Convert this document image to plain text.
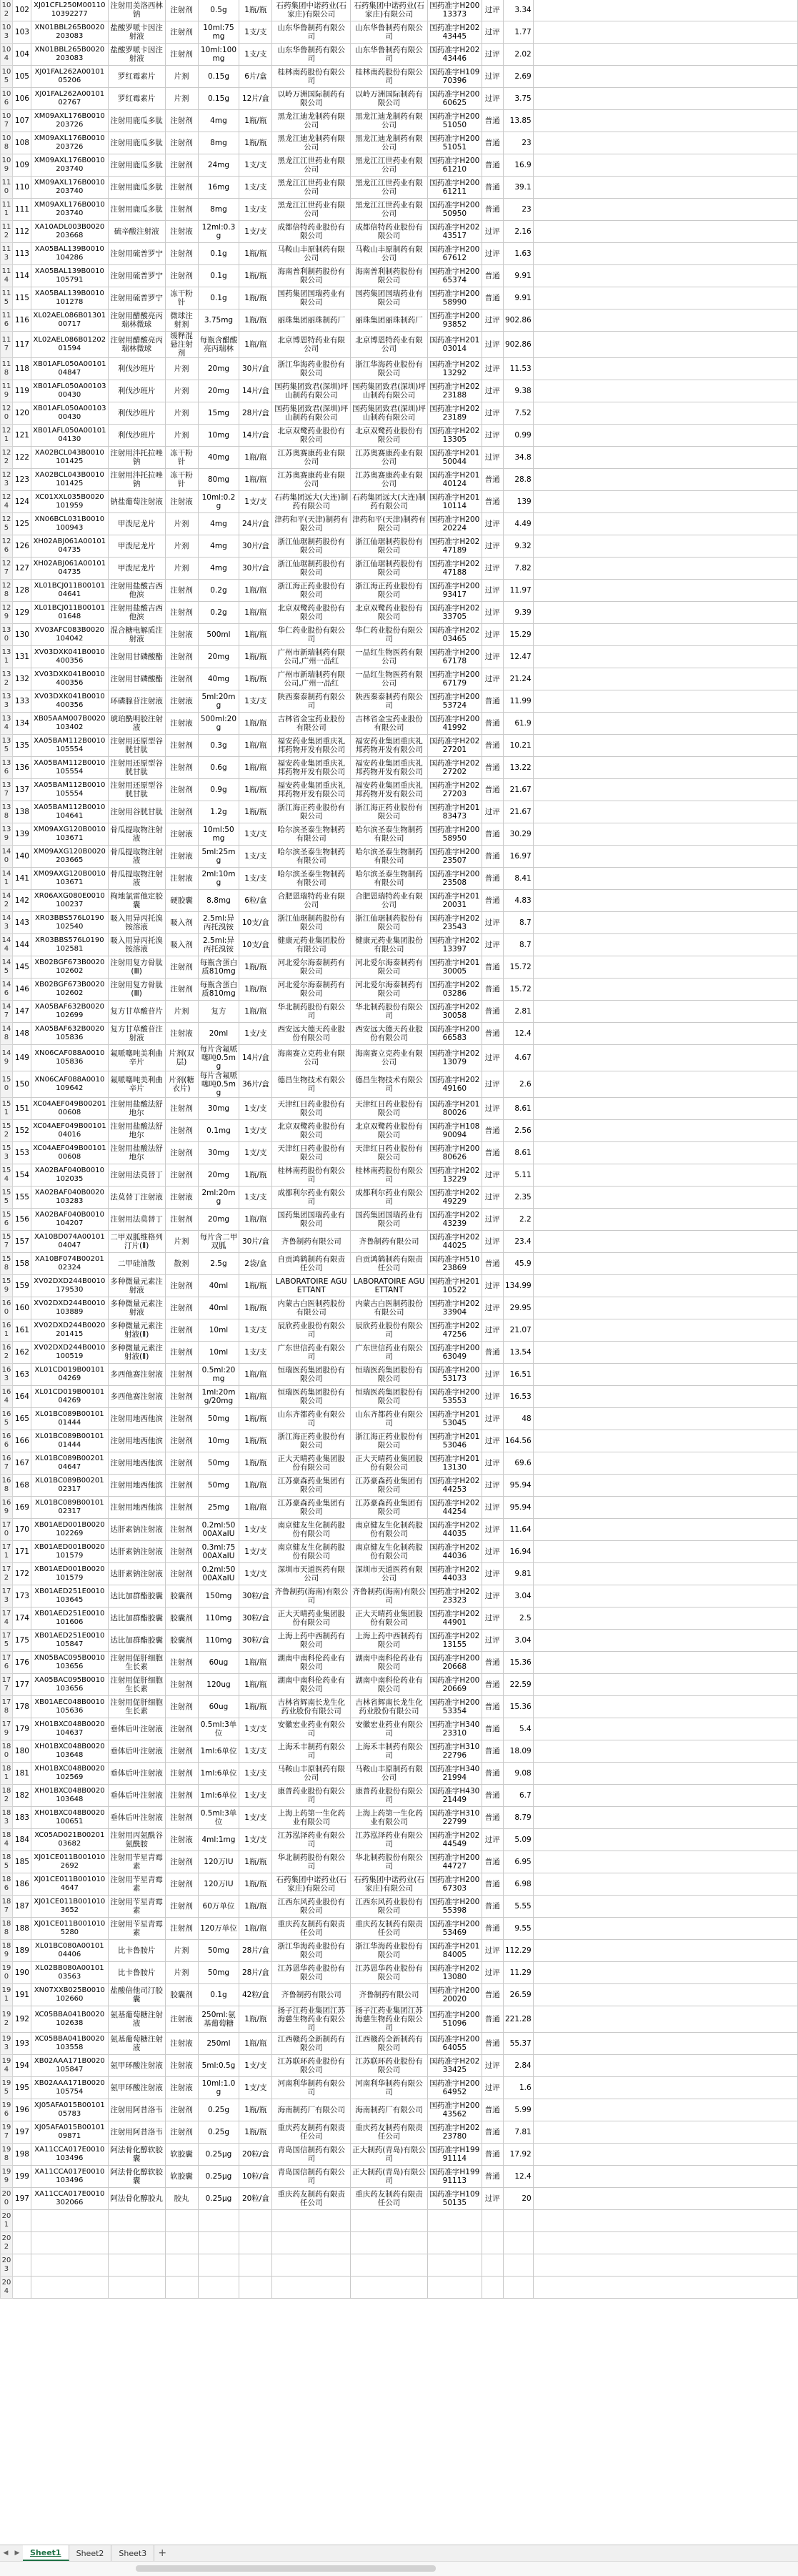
102	102	XJ01CFL250M0011010392277	注射用美洛西林钠	注射剂	0.5g	1瓶/瓶	石药集团中诺药业(石家庄)有限公司	石药集团中诺药业(石家庄)有限公司	国药准字H20013373	过评	3.34	
103	103	XN01BBL265B0020203083	盐酸罗哌卡因注射液	注射剂	10ml:75mg	1支/支	山东华鲁制药有限公司	山东华鲁制药有限公司	国药准字H20243445	过评	1.77	
104	104	XN01BBL265B0020203083	盐酸罗哌卡因注射液	注射剂	10ml:100mg	1支/支	山东华鲁制药有限公司	山东华鲁制药有限公司	国药准字H20243446	过评	2.02	
105	105	XJ01FAL262A0010105206	罗红霉素片	片剂	0.15g	6片/盒	桂林南药股份有限公司	桂林南药股份有限公司	国药准字H10970396	过评	2.69	
106	106	XJ01FAL262A0010102767	罗红霉素片	片剂	0.15g	12片/盒	以岭万洲国际制药有限公司	以岭万洲国际制药有限公司	国药准字H20060625	过评	3.75	
107	107	XM09AXL176B0010203726	注射用鹿瓜多肽	注射剂	4mg	1瓶/瓶	黑龙江迪龙制药有限公司	黑龙江迪龙制药有限公司	国药准字H20051050	普通	13.85	
108	108	XM09AXL176B0010203726	注射用鹿瓜多肽	注射剂	8mg	1瓶/瓶	黑龙江迪龙制药有限公司	黑龙江迪龙制药有限公司	国药准字H20051051	普通	23	
109	109	XM09AXL176B0010203740	注射用鹿瓜多肽	注射剂	24mg	1支/支	黑龙江江世药业有限公司	黑龙江江世药业有限公司	国药准字H20061210	普通	16.9	
110	110	XM09AXL176B0010203740	注射用鹿瓜多肽	注射剂	16mg	1支/支	黑龙江江世药业有限公司	黑龙江江世药业有限公司	国药准字H20061211	普通	39.1	
111	111	XM09AXL176B0010203740	注射用鹿瓜多肽	注射剂	8mg	1支/支	黑龙江江世药业有限公司	黑龙江江世药业有限公司	国药准字H20050950	普通	23	
112	112	XA10ADL003B0020203668	硫辛酸注射液	注射液	12ml:0.3g	1支/支	成都倍特药业股份有限公司	成都倍特药业股份有限公司	国药准字H20243517	过评	2.16	
113	113	XA05BAL139B0010104286	注射用硫普罗宁	注射剂	0.1g	1瓶/瓶	马鞍山丰原制药有限公司	马鞍山丰原制药有限公司	国药准字H20067612	过评	1.63	
114	114	XA05BAL139B0010105791	注射用硫普罗宁	注射剂	0.1g	1瓶/瓶	海南普利制药股份有限公司	海南普利制药股份有限公司	国药准字H20065374	普通	9.91	
115	115	XA05BAL139B0010101278	注射用硫普罗宁	冻干粉针	0.1g	1瓶/瓶	国药集团国瑞药业有限公司	国药集团国瑞药业有限公司	国药准字H20058990	普通	9.91	
116	116	XL02AEL086B0130100717	注射用醋酸亮丙瑞林微球	微球注射剂	3.75mg	1瓶/瓶	丽珠集团丽珠制药厂	丽珠集团丽珠制药厂	国药准字H20093852	过评	902.86	
117	117	XL02AEL086B0120201594	注射用醋酸亮丙瑞林微球	缓释混悬注射剂	每瓶含醋酸亮丙瑞林	1瓶/瓶	北京博恩特药业有限公司	北京博恩特药业有限公司	国药准字H20103014	过评	902.86	
118	118	XB01AFL050A0010104847	利伐沙班片	片剂	20mg	30片/盒	浙江华海药业股份有限公司	浙江华海药业股份有限公司	国药准字H20213292	过评	11.53	
119	119	XB01AFL050A0010300430	利伐沙班片	片剂	20mg	14片/盒	国药集团致君(深圳)坪山制药有限公司	国药集团致君(深圳)坪山制药有限公司	国药准字H20223188	过评	9.38	
120	120	XB01AFL050A0010300430	利伐沙班片	片剂	15mg	28片/盒	国药集团致君(深圳)坪山制药有限公司	国药集团致君(深圳)坪山制药有限公司	国药准字H20223189	过评	7.52	
121	121	XB01AFL050A0010104130	利伐沙班片	片剂	10mg	14片/盒	北京双鹭药业股份有限公司	北京双鹭药业股份有限公司	国药准字H20213305	过评	0.99	
122	122	XA02BCL043B0010101425	注射用泮托拉唑钠	冻干粉针	40mg	1瓶/瓶	江苏奥赛康药业有限公司	江苏奥赛康药业有限公司	国药准字H20150044	过评	34.8	
123	123	XA02BCL043B0010101425	注射用泮托拉唑钠	冻干粉针	80mg	1瓶/瓶	江苏奥赛康药业有限公司	江苏奥赛康药业有限公司	国药准字H20140124	普通	28.8	
124	124	XC01XXL035B0020101959	钠盐葡萄注射液	注射液	10ml:0.2g	1支/支	石药集团远大(大连)制药有限公司	石药集团远大(大连)制药有限公司	国药准字H20110114	普通	139	
125	125	XN06BCL031B0010100943	甲泼尼龙片	片剂	4mg	24片/盒	津药和平(天津)制药有限公司	津药和平(天津)制药有限公司	国药准字H20020224	过评	4.49	
126	126	XH02ABJ061A0010104735	甲泼尼龙片	片剂	4mg	30片/盒	浙江仙琚制药股份有限公司	浙江仙琚制药股份有限公司	国药准字H20247189	过评	9.32	
127	127	XH02ABJ061A0010104735	甲泼尼龙片	片剂	4mg	30片/盒	浙江仙琚制药股份有限公司	浙江仙琚制药股份有限公司	国药准字H20247188	过评	7.82	
128	128	XL01BCJ011B0010104641	注射用盐酸吉西他滨	注射剂	0.2g	1瓶/瓶	浙江海正药业股份有限公司	浙江海正药业股份有限公司	国药准字H20093417	过评	11.97	
129	129	XL01BCJ011B0010101648	注射用盐酸吉西他滨	注射剂	0.2g	1瓶/瓶	北京双鹭药业股份有限公司	北京双鹭药业股份有限公司	国药准字H20233705	过评	9.39	
130	130	XV03AFC083B0020104042	混合糖电解质注射液	注射液	500ml	1瓶/瓶	华仁药业股份有限公司	华仁药业股份有限公司	国药准字H20203465	过评	15.29	
131	131	XV03DXK041B0010400356	注射用甘磷酸酯	注射剂	20mg	1瓶/瓶	广州市新瑞制药有限公司,广州一品红	一品红生物医药有限公司	国药准字H20067178	过评	12.47	
132	132	XV03DXK041B0010400356	注射用甘磷酸酯	注射剂	40mg	1瓶/瓶	广州市新瑞制药有限公司,广州一品红	一品红生物医药有限公司	国药准字H20067179	过评	21.24	
133	133	XV03DXK041B0010400356	环磷腺苷注射液	注射液	5ml:20mg	1支/支	陕西秦泰制药有限公司	陕西秦泰制药有限公司	国药准字H20053724	普通	11.99	
134	134	XB05AAM007B0020103402	琥珀酰明胶注射液	注射液	500ml:20g	1瓶/瓶	吉林省金宝药业股份有限公司	吉林省金宝药业股份有限公司	国药准字H20041992	普通	61.9	
135	135	XA05BAM112B0010105554	注射用还原型谷胱甘肽	注射剂	0.3g	1瓶/瓶	福安药业集团重庆礼邦药物开发有限公司	福安药业集团重庆礼邦药物开发有限公司	国药准字H20227201	普通	10.21	
136	136	XA05BAM112B0010105554	注射用还原型谷胱甘肽	注射剂	0.6g	1瓶/瓶	福安药业集团重庆礼邦药物开发有限公司	福安药业集团重庆礼邦药物开发有限公司	国药准字H20227202	普通	13.22	
137	137	XA05BAM112B0010105554	注射用还原型谷胱甘肽	注射剂	0.9g	1瓶/瓶	福安药业集团重庆礼邦药物开发有限公司	福安药业集团重庆礼邦药物开发有限公司	国药准字H20227203	普通	21.67	
138	138	XA05BAM112B0010104641	注射用谷胱甘肽	注射剂	1.2g	1瓶/瓶	浙江海正药业股份有限公司	浙江海正药业股份有限公司	国药准字H20183473	过评	21.67	
139	139	XM09AXG120B0010103671	骨瓜提取物注射液	注射液	10ml:50mg	1支/支	哈尔滨圣泰生物制药有限公司	哈尔滨圣泰生物制药有限公司	国药准字H20058950	普通	30.29	
140	140	XM09AXG120B0020203665	骨瓜提取物注射液	注射液	5ml:25mg	1支/支	哈尔滨圣泰生物制药有限公司	哈尔滨圣泰生物制药有限公司	国药准字H20023507	普通	16.97	
141	141	XM09AXG120B0010103671	骨瓜提取物注射液	注射液	2ml:10mg	1支/支	哈尔滨圣泰生物制药有限公司	哈尔滨圣泰生物制药有限公司	国药准字H20023508	普通	8.41	
142	142	XR06AXG080E0010100237	枸地氯雷他定胶囊	硬胶囊	8.8mg	6粒/盒	合肥恩瑞特药业有限公司	合肥恩瑞特药业有限公司	国药准字H20120031	普通	4.83	
143	143	XR03BBS576L0190102540	吸入用异丙托溴铵溶液	吸入剂	2.5ml:异丙托溴铵	10支/盒	浙江仙琚制药股份有限公司	浙江仙琚制药股份有限公司	国药准字H20223543	过评	8.7	
144	144	XR03BBS576L0190102581	吸入用异丙托溴铵溶液	吸入剂	2.5ml:异丙托溴铵	10支/盒	健康元药业集团股份有限公司	健康元药业集团股份有限公司	国药准字H20213397	过评	8.7	
145	145	XB02BGF673B0020102602	注射用复方骨肽(Ⅲ)	注射剂	每瓶含蛋白质810mg	1瓶/瓶	河北爱尔海泰制药有限公司	河北爱尔海泰制药有限公司	国药准字H20130005	普通	15.72	
146	146	XB02BGF673B0020102602	注射用复方骨肽(Ⅲ)	注射剂	每瓶含蛋白质810mg	1瓶/瓶	河北爱尔海泰制药有限公司	河北爱尔海泰制药有限公司	国药准字H20203286	普通	15.72	
147	147	XA05BAF632B0020102699	复方甘草酸苷片	片剂	复方	1瓶/瓶	华北制药股份有限公司	华北制药股份有限公司	国药准字H20230058	普通	2.81	
148	148	XA05BAF632B0020105836	复方甘草酸苷注射液	注射液	20ml	1支/支	西安远大德天药业股份有限公司	西安远大德天药业股份有限公司	国药准字H20066583	普通	12.4	
149	149	XN06CAF088A0010105836	氟哌噻吨美利曲辛片	片剂(双层)	每片含氟哌噻吨0.5mg	14片/盒	海南赛立克药业有限公司	海南赛立克药业有限公司	国药准字H20213079	过评	4.67	
150	150	XN06CAF088A0010109642	氟哌噻吨美利曲辛片	片剂(糖衣片)	每片含氟哌噻吨0.5mg	36片/盒	德昌生物技术有限公司	德昌生物技术有限公司	国药准字H20249160	过评	2.6	
151	151	XC04AEF049B0020100608	注射用盐酸法舒地尔	注射剂	30mg	1支/支	天津红日药业股份有限公司	天津红日药业股份有限公司	国药准字H20180026	过评	8.61	
152	152	XC04AEF049B0010104016	注射用盐酸法舒地尔	注射剂	0.1mg	1支/支	北京双鹭药业股份有限公司	北京双鹭药业股份有限公司	国药准字H10890094	普通	2.56	
153	153	XC04AEF049B0010100608	注射用盐酸法舒地尔	注射剂	30mg	1支/支	天津红日药业股份有限公司	天津红日药业股份有限公司	国药准字H20080626	普通	8.61	
154	154	XA02BAF040B0010102035	注射用法莫替丁	注射剂	20mg	1瓶/瓶	桂林南药股份有限公司	桂林南药股份有限公司	国药准字H20213229	过评	5.11	
155	155	XA02BAF040B0020103283	法莫替丁注射液	注射液	2ml:20mg	1支/支	成都利尔药业有限公司	成都利尔药业有限公司	国药准字H20249229	过评	2.35	
156	156	XA02BAF040B0010104207	注射用法莫替丁	注射剂	20mg	1瓶/瓶	国药集团国瑞药业有限公司	国药集团国瑞药业有限公司	国药准字H20243239	过评	2.2	
157	157	XA10BD074A0010104047	二甲双胍维格列汀片(Ⅱ)	片剂	每片含二甲双胍	30片/盒	齐鲁制药有限公司	齐鲁制药有限公司	国药准字H20244025	过评	23.4	
158	158	XA10BF074B0020102324	二甲硅油散	散剂	2.5g	2袋/盒	自贡鸿鹤制药有限责任公司	自贡鸿鹤制药有限责任公司	国药准字H51023869	普通	45.9	
159	159	XV02DXD244B0010179530	多种微量元素注射液	注射剂	40ml	1瓶/瓶	LABORATOIRE AGUETTANT	LABORATOIRE AGUETTANT	国药准字H20110522	过评	134.99	
160	160	XV02DXD244B0010103889	多种微量元素注射液	注射剂	40ml	1瓶/瓶	内蒙古白医制药股份有限公司	内蒙古白医制药股份有限公司	国药准字H20233904	过评	29.95	
161	161	XV02DXD244B0020201415	多种微量元素注射液(Ⅱ)	注射剂	10ml	1支/支	辰欣药业股份有限公司	辰欣药业股份有限公司	国药准字H20247256	过评	21.07	
162	162	XV02DXD244B0010100519	多种微量元素注射液(Ⅱ)	注射剂	10ml	1支/支	广东世信药业有限公司	广东世信药业有限公司	国药准字H20063049	普通	13.54	
163	163	XL01CD019B0010104269	多西他赛注射液	注射剂	0.5ml:20mg	1瓶/瓶	恒瑞医药集团股份有限公司	恒瑞医药集团股份有限公司	国药准字H20053173	过评	16.51	
164	164	XL01CD019B0010104269	多西他赛注射液	注射剂	1ml:20mg/20mg	1瓶/瓶	恒瑞医药集团股份有限公司	恒瑞医药集团股份有限公司	国药准字H20053553	过评	16.53	
165	165	XL01BC089B0010101444	注射用地西他滨	注射剂	50mg	1瓶/瓶	山东齐都药业有限公司	山东齐都药业有限公司	国药准字H20153045	过评	48	
166	166	XL01BC089B0010101444	注射用地西他滨	注射剂	10mg	1瓶/瓶	浙江海正药业股份有限公司	浙江海正药业股份有限公司	国药准字H20153046	过评	164.56	
167	167	XL01BC089B0020104647	注射用地西他滨	注射剂	50mg	1瓶/瓶	正大天晴药业集团股份有限公司	正大天晴药业集团股份有限公司	国药准字H20113130	过评	69.6	
168	168	XL01BC089B0020102317	注射用地西他滨	注射剂	50mg	1瓶/瓶	江苏豪森药业集团有限公司	江苏豪森药业集团有限公司	国药准字H20244253	过评	95.94	
169	169	XL01BC089B0010102317	注射用地西他滨	注射剂	25mg	1瓶/瓶	江苏豪森药业集团有限公司	江苏豪森药业集团有限公司	国药准字H20244254	过评	95.94	
170	170	XB01AED001B0020102269	达肝素钠注射液	注射剂	0.2ml:5000AXaIU	1支/支	南京健友生化制药股份有限公司	南京健友生化制药股份有限公司	国药准字H20244035	过评	11.64	
171	171	XB01AED001B0020101579	达肝素钠注射液	注射剂	0.3ml:7500AXaIU	1支/支	南京健友生化制药股份有限公司	南京健友生化制药股份有限公司	国药准字H20244036	过评	16.94	
172	172	XB01AED001B0020101579	达肝素钠注射液	注射剂	0.2ml:5000AXaIU	1支/支	深圳市天道医药有限公司	深圳市天道医药有限公司	国药准字H20244033	过评	9.81	
173	173	XB01AED251E0010103645	达比加群酯胶囊	胶囊剂	150mg	30粒/盒	齐鲁制药(海南)有限公司	齐鲁制药(海南)有限公司	国药准字H20223323	过评	3.04	
174	174	XB01AED251E0010101606	达比加群酯胶囊	胶囊剂	110mg	30粒/盒	正大天晴药业集团股份有限公司	正大天晴药业集团股份有限公司	国药准字H20244901	过评	2.5	
175	175	XB01AED251E0010105847	达比加群酯胶囊	胶囊剂	110mg	30粒/盒	上海上药中西制药有限公司	上海上药中西制药有限公司	国药准字H20213155	过评	3.04	
176	176	XN05BAC095B0010103656	注射用促肝细胞生长素	注射剂	60ug	1瓶/瓶	湖南中南科伦药业有限公司	湖南中南科伦药业有限公司	国药准字H20020668	普通	15.36	
177	177	XA05BAC095B0010103656	注射用促肝细胞生长素	注射剂	120ug	1瓶/瓶	湖南中南科伦药业有限公司	湖南中南科伦药业有限公司	国药准字H20020669	普通	22.59	
178	178	XB01AEC048B0010105636	注射用促肝细胞生长素	注射剂	60ug	1瓶/瓶	吉林省辉南长龙生化药业股份有限公司	吉林省辉南长龙生化药业股份有限公司	国药准字H20053354	普通	15.36	
179	179	XH01BXC048B0020104637	垂体后叶注射液	注射剂	0.5ml:3单位	1支/支	安徽宏业药业有限公司	安徽宏业药业有限公司	国药准字H34023310	普通	5.4	
180	180	XH01BXC048B0020103648	垂体后叶注射液	注射剂	1ml:6单位	1支/支	上海禾丰制药有限公司	上海禾丰制药有限公司	国药准字H31022796	普通	18.09	
181	181	XH01BXC048B0020102569	垂体后叶注射液	注射剂	1ml:6单位	1支/支	马鞍山丰原制药有限公司	马鞍山丰原制药有限公司	国药准字H34021994	普通	9.08	
182	182	XH01BXC048B0020103648	垂体后叶注射液	注射剂	1ml:6单位	1支/支	康普药业股份有限公司	康普药业股份有限公司	国药准字H43021449	普通	6.7	
183	183	XH01BXC048B0020100651	垂体后叶注射液	注射剂	0.5ml:3单位	1支/支	上海上药第一生化药业有限公司	上海上药第一生化药业有限公司	国药准字H31022799	普通	8.79	
184	184	XC05AD021B0020103682	注射用丙氨酰谷氨酰胺	注射液	4ml:1mg	1支/支	江苏泓泽药业有限公司	江苏泓泽药业有限公司	国药准字H20244549	过评	5.09	
185	185	XJ01CE011B0010102692	注射用苄星青霉素	注射剂	120万IU	1瓶/瓶	华北制药股份有限公司	华北制药股份有限公司	国药准字H20044727	普通	6.95	
186	186	XJ01CE011B0010104647	注射用苄星青霉素	注射剂	120万IU	1瓶/瓶	石药集团中诺药业(石家庄)有限公司	石药集团中诺药业(石家庄)有限公司	国药准字H20067303	普通	6.98	
187	187	XJ01CE011B0010103652	注射用苄星青霉素	注射剂	60万单位	1瓶/瓶	江西东风药业股份有限公司	江西东风药业股份有限公司	国药准字H20055398	普通	5.55	
188	188	XJ01CE011B0010105280	注射用苄星青霉素	注射剂	120万单位	1瓶/瓶	重庆药友制药有限责任公司	重庆药友制药有限责任公司	国药准字H20053469	普通	9.55	
189	189	XL01BC080A0010104406	比卡鲁胺片	片剂	50mg	28片/盒	浙江华海药业股份有限公司	浙江华海药业股份有限公司	国药准字H20184005	过评	112.29	
190	190	XL02BB080A0010103563	比卡鲁胺片	片剂	50mg	28片/盒	江苏恩华药业股份有限公司	江苏恩华药业股份有限公司	国药准字H20213080	过评	11.29	
191	191	XN07XXB025B0010102660	盐酸倍他司汀胶囊	胶囊剂	0.1g	42粒/盒	齐鲁制药有限公司	齐鲁制药有限公司	国药准字H20020020	普通	26.59	
192	192	XC05BBA041B0020102638	氨基葡萄糖注射液	注射液	250ml:氨基葡萄糖	1瓶/瓶	扬子江药业集团江苏海慈生物药业有限公司	扬子江药业集团江苏海慈生物药业有限公司	国药准字H20051096	普通	221.28	
193	193	XC05BBA041B0020103558	氨基葡萄糖注射液	注射液	250ml	1瓶/瓶	江西赣药全新制药有限公司	江西赣药全新制药有限公司	国药准字H20064055	普通	55.37	
194	194	XB02AAA171B0020105847	氨甲环酸注射液	注射液	5ml:0.5g	1支/支	江苏联环药业股份有限公司	江苏联环药业股份有限公司	国药准字H20233425	过评	2.84	
195	195	XB02AAA171B0020105754	氨甲环酸注射液	注射液	10ml:1.0g	1支/支	河南利华制药有限公司	河南利华制药有限公司	国药准字H20064952	过评	1.6	
196	196	XJ05AFA015B0010105783	注射用阿昔洛韦	注射剂	0.25g	1瓶/瓶	海南制药厂有限公司	海南制药厂有限公司	国药准字H20043562	普通	5.99	
197	197	XJ05AFA015B0010109871	注射用阿昔洛韦	注射剂	0.25g	1瓶/瓶	重庆药友制药有限责任公司	重庆药友制药有限责任公司	国药准字H20223780	普通	7.81	
198	198	XA11CCA017E0010103496	阿法骨化醇软胶囊	软胶囊	0.25μg	20粒/盒	青岛国信制药有限公司	正大制药(青岛)有限公司	国药准字H19991114	普通	17.92	
199	199	XA11CCA017E0010103496	阿法骨化醇软胶囊	软胶囊	0.25μg	10粒/盒	青岛国信制药有限公司	正大制药(青岛)有限公司	国药准字H19991113	普通	12.4	
200	197	XA11CCA017E0010302066	阿法骨化醇胶丸	胶丸	0.25μg	20粒/盒	重庆药友制药有限责任公司	重庆药友制药有限责任公司	国药准字H10950135	过评	20	
201												
202												
203												
204												
◀	▶	Sheet1	Sheet2	Sheet3	+
